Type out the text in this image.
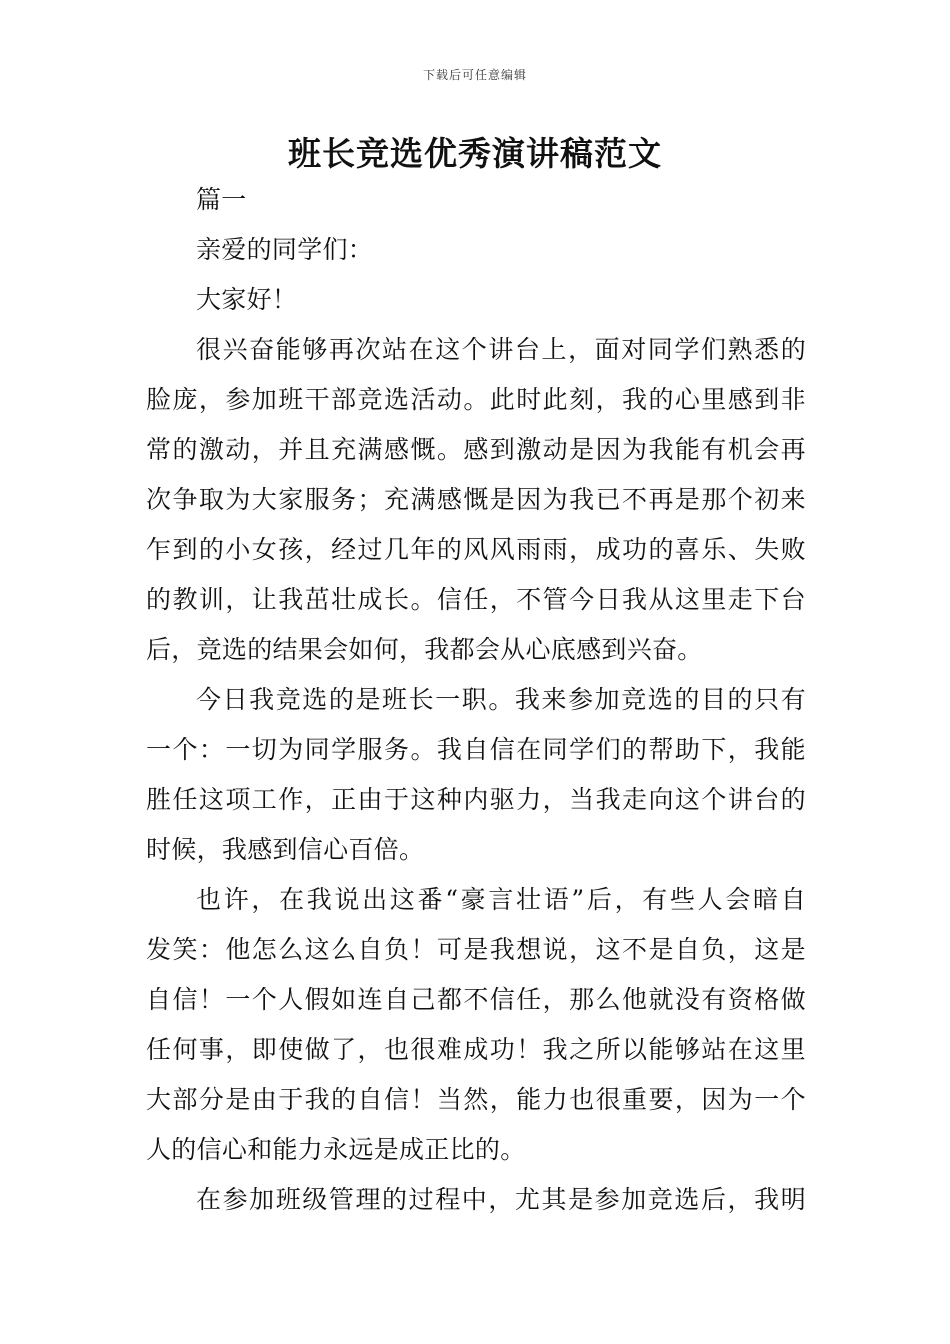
下载后可任意编辑
班长竞选优秀演讲稿范文
篇一
亲爱的同学们：
大家好！
很兴奋能够再次站在这个讲台上，面对同学们熟悉的
脸庞，参加班干部竞选活动。此时此刻，我的心里感到非
常的激动，并且充满感慨。感到激动是因为我能有机会再
次争取为大家服务；充满感慨是因为我已不再是那个初来
乍到的小女孩，经过几年的风风雨雨，成功的喜乐、失败
的教训，让我茁壮成长。信任，不管今日我从这里走下台
后，竞选的结果会如何，我都会从心底感到兴奋。
今日我竞选的是班长一职。我来参加竞选的目的只有
一个：一切为同学服务。我自信在同学们的帮助下，我能
胜任这项工作，正由于这种内驱力，当我走向这个讲台的
时候，我感到信心百倍。
也许，在我说出这番“豪言壮语”后，有些人会暗自
发笑：他怎么这么自负！可是我想说，这不是自负，这是
自信！一个人假如连自己都不信任，那么他就没有资格做
任何事，即使做了，也很难成功！我之所以能够站在这里
大部分是由于我的自信！当然，能力也很重要，因为一个
人的信心和能力永远是成正比的。
在参加班级管理的过程中，尤其是参加竞选后，我明
